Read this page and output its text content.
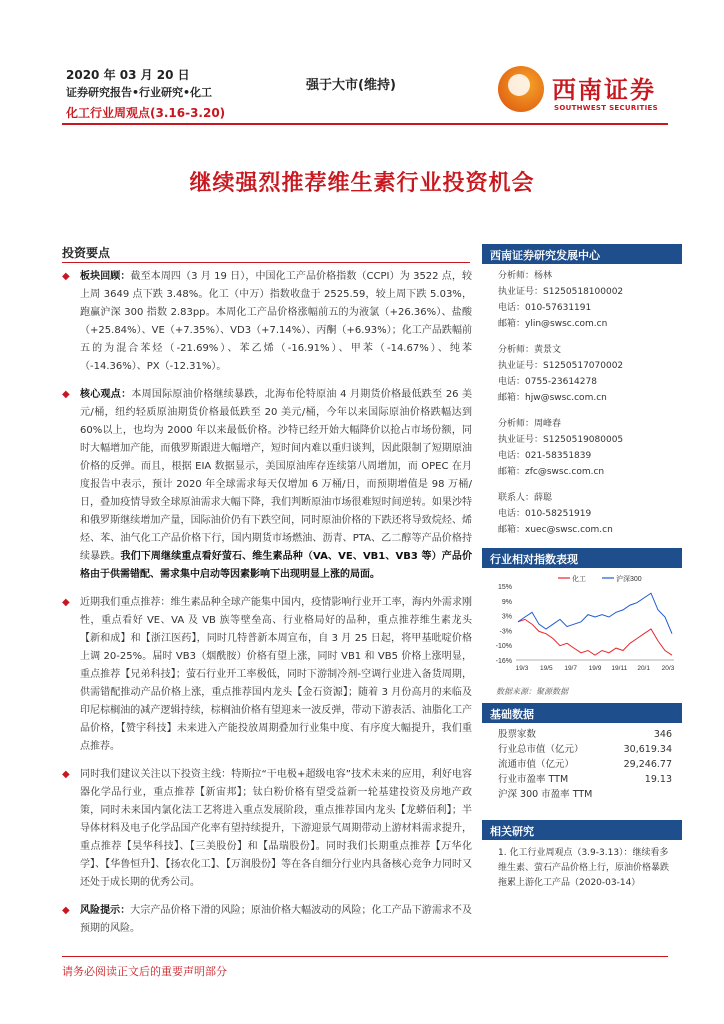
2020 年 03 月 20 日
证券研究报告•行业研究•化工
化工行业周观点(3.16-3.20)
强于大市(维持)	西南证券
SOUTHWEST SECURITIES
继续强烈推荐维生素行业投资机会
投资要点
◆ 板块回顾：截至本周四（3 月 19 日），中国化工产品价格指数（CCPI）为 3522 点，较上周 3649 点下跌 3.48%。化工（中万）指数收盘于 2525.59，较上周下跌 5.03%，跑赢沪深 300 指数 2.83pp。本周化工产品价格涨幅前五的为液氯（+26.36%）、盐酸（+25.84%）、VE（+7.35%）、VD3（+7.14%）、丙酮（+6.93%）；化工产品跌幅前五的为混合苯烃（-21.69%）、苯乙烯（-16.91%）、甲苯（-14.67%）、纯苯（-14.36%）、PX（-12.31%）。
◆ 核心观点：本周国际原油价格继续暴跌，北海布伦特原油 4 月期货价格最低跌至 26 美元/桶，纽约轻质原油期货价格最低跌至 20 美元/桶，今年以来国际原油价格跌幅达到 60%以上，也均为 2000 年以来最低价格。沙特已经开始大幅降价以抢占市场份额，同时大幅增加产能，而俄罗斯跟进大幅增产，短时间内难以重归谈判，因此限制了短期原油价格的反弹。而且，根据 EIA 数据显示，美国原油库存连续第八周增加，而 OPEC 在月度报告中表示，预计 2020 年全球需求每天仅增加 6 万桶/日，而预期增值是 98 万桶/日，叠加疫情导致全球原油需求大幅下降，我们判断原油市场很难短时间逆转。如果沙特和俄罗斯继续增加产量，国际油价仍有下跌空间，同时原油价格的下跌还将导致烷烃、烯烃、苯、油气化工产品价格下行，国内期货市场燃油、沥青、PTA、乙二醇等产品价格持续暴跌。我们下周继续重点看好萤石、维生素品种（VA、VE、VB1、VB3 等）产品价格由于供需错配、需求集中启动等因素影响下出现明显上涨的局面。
◆ 近期我们重点推荐：维生素品种全球产能集中国内，疫情影响行业开工率，海内外需求刚性，重点看好 VE、VA 及 VB 族等壁垒高、行业格局好的品种，重点推荐维生素龙头【新和成】和【浙江医药】，同时几特普新本周宣布，自 3 月 25 日起，将甲基吡啶价格上调 20-25%。届时 VB3（烟酰胺）价格有望上涨，同时 VB1 和 VB5 价格上涨明显，重点推荐【兄弟科技】；萤石行业开工率极低，同时下游制冷剂-空调行业进入备货周期，供需错配推动产品价格上涨，重点推荐国内龙头【金石资源】；随着 3 月份高月的来临及印尼棕榈油的减产逻辑持续，棕榈油价格有望迎来一波反弹，带动下游表活、油脂化工产品价格，【赞宇科技】未来进入产能投放周期叠加行业集中度、有序度大幅提升，我们重点推荐。
◆ 同时我们建议关注以下投资主线：特斯拉“干电极+超级电容”技术未来的应用，利好电容器化学品行业，重点推荐【新宙邦】；钛白粉价格有望受益新一轮基建投资及房地产政策，同时未来国内氯化法工艺将进入重点发展阶段，重点推荐国内龙头【龙蟒佰利】；半导体材料及电子化学品国产化率有望持续提升，下游迎景气周期带动上游材料需求提升，重点推荐【昊华科技】、【三美股份】和【晶瑞股份】。同时我们长期重点推荐【万华化学】、【华鲁恒升】、【扬农化工】、【万润股份】等在各自细分行业内具备核心竞争力同时又还处于成长期的优秀公司。
◆ 风险提示：大宗产品价格下滑的风险；原油价格大幅波动的风险；化工产品下游需求不及预期的风险。
西南证券研究发展中心
分析师：杨林
执业证号：S1250518100002
电话：010-57631191
邮箱：ylin@swsc.com.cn
分析师：黄景文
执业证号：S1250517070002
电话：0755-23614278
邮箱：hjw@swsc.com.cn
分析师：周峰春
执业证号：S1250519080005
电话：021-58351839
邮箱：zfc@swsc.com.cn
联系人：薛聪
电话：010-58251919
邮箱：xuec@swsc.com.cn
行业相对指数表现
15%
9%
3%
-3%
-10%
-16%
19/3 19/5 19/7 19/9 19/11 20/1 20/3
化工	沪深300
数据来源：聚源数据
基础数据
股票家数	346
行业总市值（亿元）	30,619.34
流通市值（亿元）	29,246.77
行业市盈率 TTM	19.13
沪深 300 市盈率 TTM
相关研究
1. 化工行业周观点（3.9-3.13）：继续看多维生素、萤石产品价格上行，原油价格暴跌拖累上游化工产品（2020-03-14）
请务必阅读正文后的重要声明部分
